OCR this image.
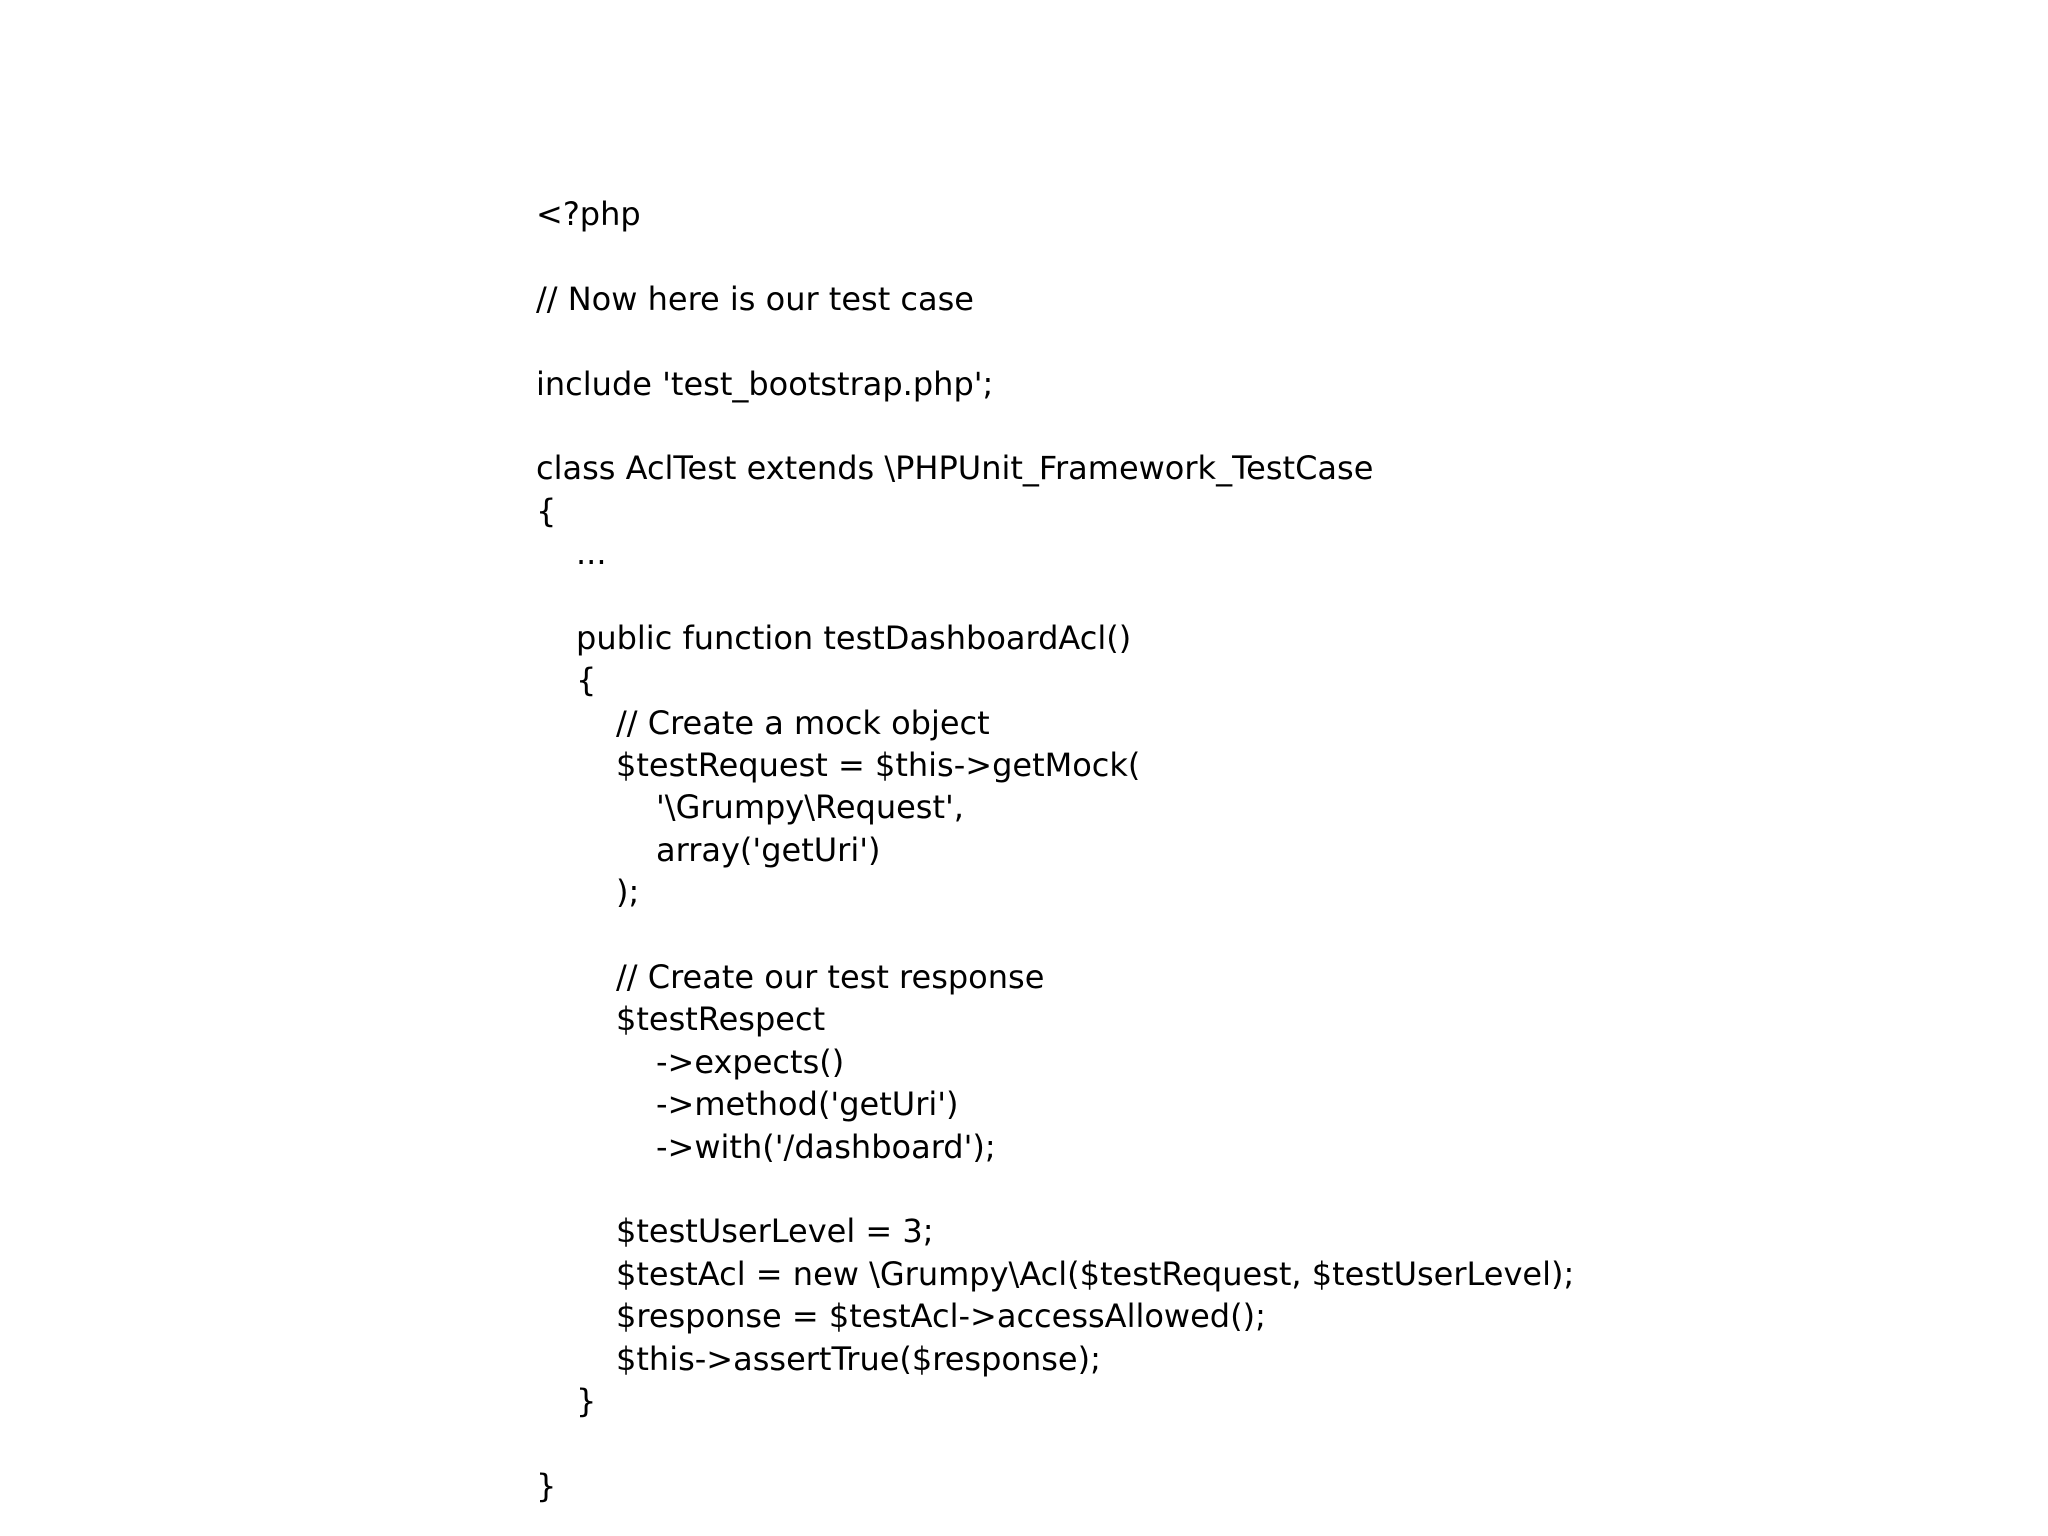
<?php
// Now here is our test case
include 'test_bootstrap.php';
class AclTest extends \PHPUnit_Framework_TestCase
{
...
public function testDashboardAcl()
{
// Create a mock object
$testRequest = $this->getMock(
'\Grumpy\Request',
array('getUri')
);
// Create our test response
$testRespect
->expects()
->method('getUri')
->with('/dashboard');
$testUserLevel = 3;
$testAcl = new \Grumpy\Acl($testRequest, $testUserLevel);
$response = $testAcl->accessAllowed();
$this->assertTrue($response);
}
}
